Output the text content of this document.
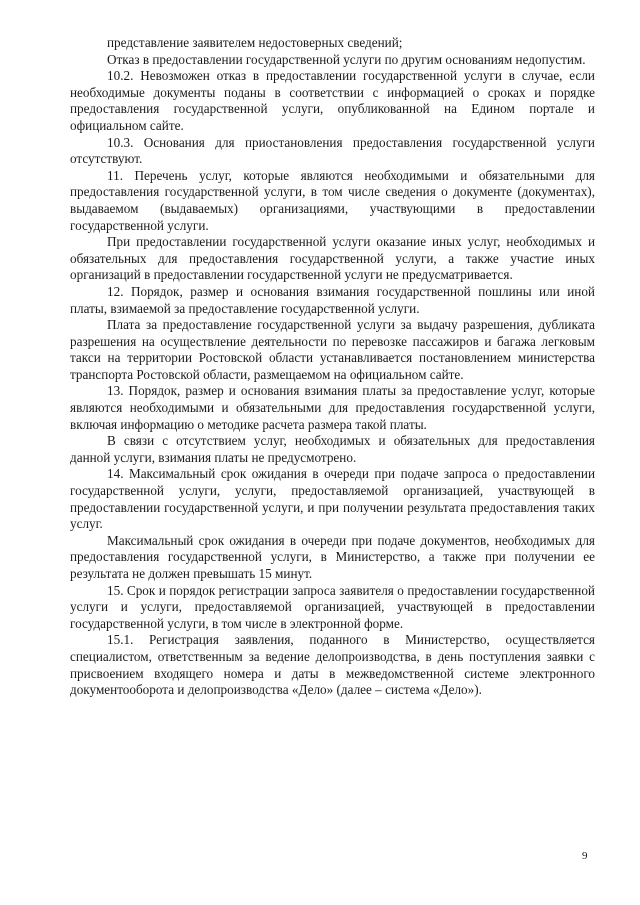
представление заявителем недостоверных сведений;

Отказ в предоставлении государственной услуги по другим основаниям недопустим.

10.2. Невозможен отказ в предоставлении государственной услуги в случае, если необходимые документы поданы в соответствии с информацией о сроках и порядке предоставления государственной услуги, опубликованной на Едином портале и официальном сайте.

10.3. Основания для приостановления предоставления государственной услуги отсутствуют.

11. Перечень услуг, которые являются необходимыми и обязательными для предоставления государственной услуги, в том числе сведения о документе (документах), выдаваемом (выдаваемых) организациями, участвующими в предоставлении государственной услуги.

При предоставлении государственной услуги оказание иных услуг, необходимых и обязательных для предоставления государственной услуги, а также участие иных организаций в предоставлении государственной услуги не предусматривается.

12. Порядок, размер и основания взимания государственной пошлины или иной платы, взимаемой за предоставление государственной услуги.

Плата за предоставление государственной услуги за выдачу разрешения, дубликата разрешения на осуществление деятельности по перевозке пассажиров и багажа легковым такси на территории Ростовской области устанавливается постановлением министерства транспорта Ростовской области, размещаемом на официальном сайте.

13. Порядок, размер и основания взимания платы за предоставление услуг, которые являются необходимыми и обязательными для предоставления государственной услуги, включая информацию о методике расчета размера такой платы.

В связи с отсутствием услуг, необходимых и обязательных для предоставления данной услуги, взимания платы не предусмотрено.

14. Максимальный срок ожидания в очереди при подаче запроса о предоставлении государственной услуги, услуги, предоставляемой организацией, участвующей в предоставлении государственной услуги, и при получении результата предоставления таких услуг.

Максимальный срок ожидания в очереди при подаче документов, необходимых для предоставления государственной услуги, в Министерство, а также при получении ее результата не должен превышать 15 минут.

15. Срок и порядок регистрации запроса заявителя о предоставлении государственной услуги и услуги, предоставляемой организацией, участвующей в предоставлении государственной услуги, в том числе в электронной форме.

15.1. Регистрация заявления, поданного в Министерство, осуществляется специалистом, ответственным за ведение делопроизводства, в день поступления заявки с присвоением входящего номера и даты в межведомственной системе электронного документооборота и делопроизводства «Дело» (далее – система «Дело»).

9
